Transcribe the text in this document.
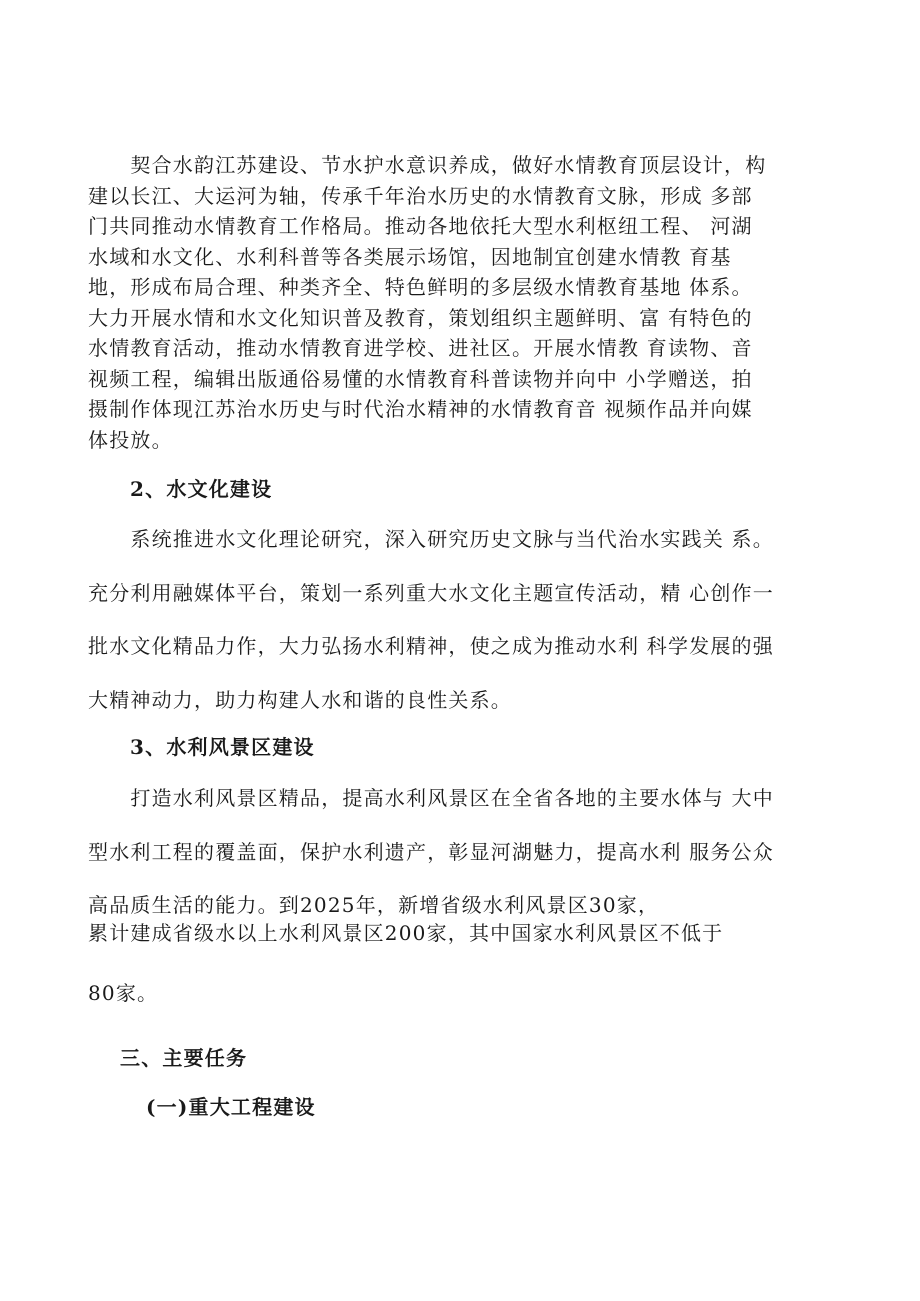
　　契合水韵江苏建设、节水护水意识养成，做好水情教育顶层设计，构
建以长江、大运河为轴，传承千年治水历史的水情教育文脉，形成 多部
门共同推动水情教育工作格局。推动各地依托大型水利枢纽工程、 河湖
水域和水文化、水利科普等各类展示场馆，因地制宜创建水情教 育基
地，形成布局合理、种类齐全、特色鲜明的多层级水情教育基地 体系。
大力开展水情和水文化知识普及教育，策划组织主题鲜明、富 有特色的
水情教育活动，推动水情教育进学校、进社区。开展水情教 育读物、音
视频工程，编辑出版通俗易懂的水情教育科普读物并向中 小学赠送，拍
摄制作体现江苏治水历史与时代治水精神的水情教育音 视频作品并向媒
体投放。
2、水文化建设
　　系统推进水文化理论研究，深入研究历史文脉与当代治水实践关 系。
充分利用融媒体平台，策划一系列重大水文化主题宣传活动，精 心创作一
批水文化精品力作，大力弘扬水利精神，使之成为推动水利 科学发展的强
大精神动力，助力构建人水和谐的良性关系。
3、水利风景区建设
　　打造水利风景区精品，提高水利风景区在全省各地的主要水体与 大中
型水利工程的覆盖面，保护水利遗产，彰显河湖魅力，提高水利 服务公众
高品质生活的能力。到2025年，新增省级水利风景区30家，
累计建成省级水以上水利风景区200家，其中国家水利风景区不低于
80家。
三、主要任务
(一)重大工程建设
